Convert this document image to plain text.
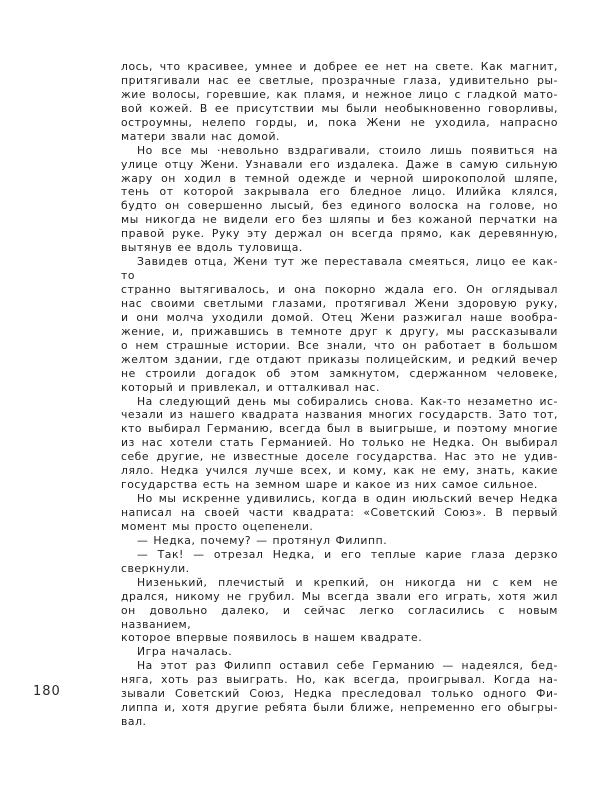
180
лось, что красивее, умнее и добрее ее нет на свете. Как магнит,
притягивали нас ее светлые, прозрачные глаза, удивительно ры-
жие волосы, горевшие, как пламя, и нежное лицо с гладкой мато-
вой кожей. В ее присутствии мы были необыкновенно говорливы,
остроумны, нелепо горды, и, пока Жени не уходила, напрасно
матери звали нас домой.
Но все мы ·невольно вздрагивали, стоило лишь появиться на
улице отцу Жени. Узнавали его издалека. Даже в самую сильную
жару он ходил в темной одежде и черной широкополой шляпе,
тень от которой закрывала его бледное лицо. Илийка клялся,
будто он совершенно лысый, без единого волоска на голове, но
мы никогда не видели его без шляпы и без кожаной перчатки на
правой руке. Руку эту держал он всегда прямо, как деревянную,
вытянув ее вдоль туловища.
Завидев отца, Жени тут же переставала смеяться, лицо ее как-то
странно вытягивалось, и она покорно ждала его. Он оглядывал
нас своими светлыми глазами, протягивал Жени здоровую руку,
и они молча уходили домой. Отец Жени разжигал наше вообра-
жение, и, прижавшись в темноте друг к другу, мы рассказывали
о нем страшные истории. Все знали, что он работает в большом
желтом здании, где отдают приказы полицейским, и редкий вечер
не строили догадок об этом замкнутом, сдержанном человеке,
который и привлекал, и отталкивал нас.
На следующий день мы собирались снова. Как-то незаметно ис-
чезали из нашего квадрата названия многих государств. Зато тот,
кто выбирал Германию, всегда был в выигрыше, и поэтому многие
из нас хотели стать Германией. Но только не Недка. Он выбирал
себе другие, не известные доселе государства. Нас это не удив-
ляло. Недка учился лучше всех, и кому, как не ему, знать, какие
государства есть на земном шаре и какое из них самое сильное.
Но мы искренне удивились, когда в один июльский вечер Недка
написал на своей части квадрата: «Советский Союз». В первый
момент мы просто оцепенели.
— Недка, почему? — протянул Филипп.
— Так! — отрезал Недка, и его теплые карие глаза дерзко
сверкнули.
Низенький, плечистый и крепкий, он никогда ни с кем не
дрался, никому не грубил. Мы всегда звали его играть, хотя жил
он довольно далеко, и сейчас легко согласились с новым названием,
которое впервые появилось в нашем квадрате.
Игра началась.
На этот раз Филипп оставил себе Германию — надеялся, бед-
няга, хоть раз выиграть. Но, как всегда, проигрывал. Когда на-
зывали Советский Союз, Недка преследовал только одного Фи-
липпа и, хотя другие ребята были ближе, непременно его обыгры-
вал.
